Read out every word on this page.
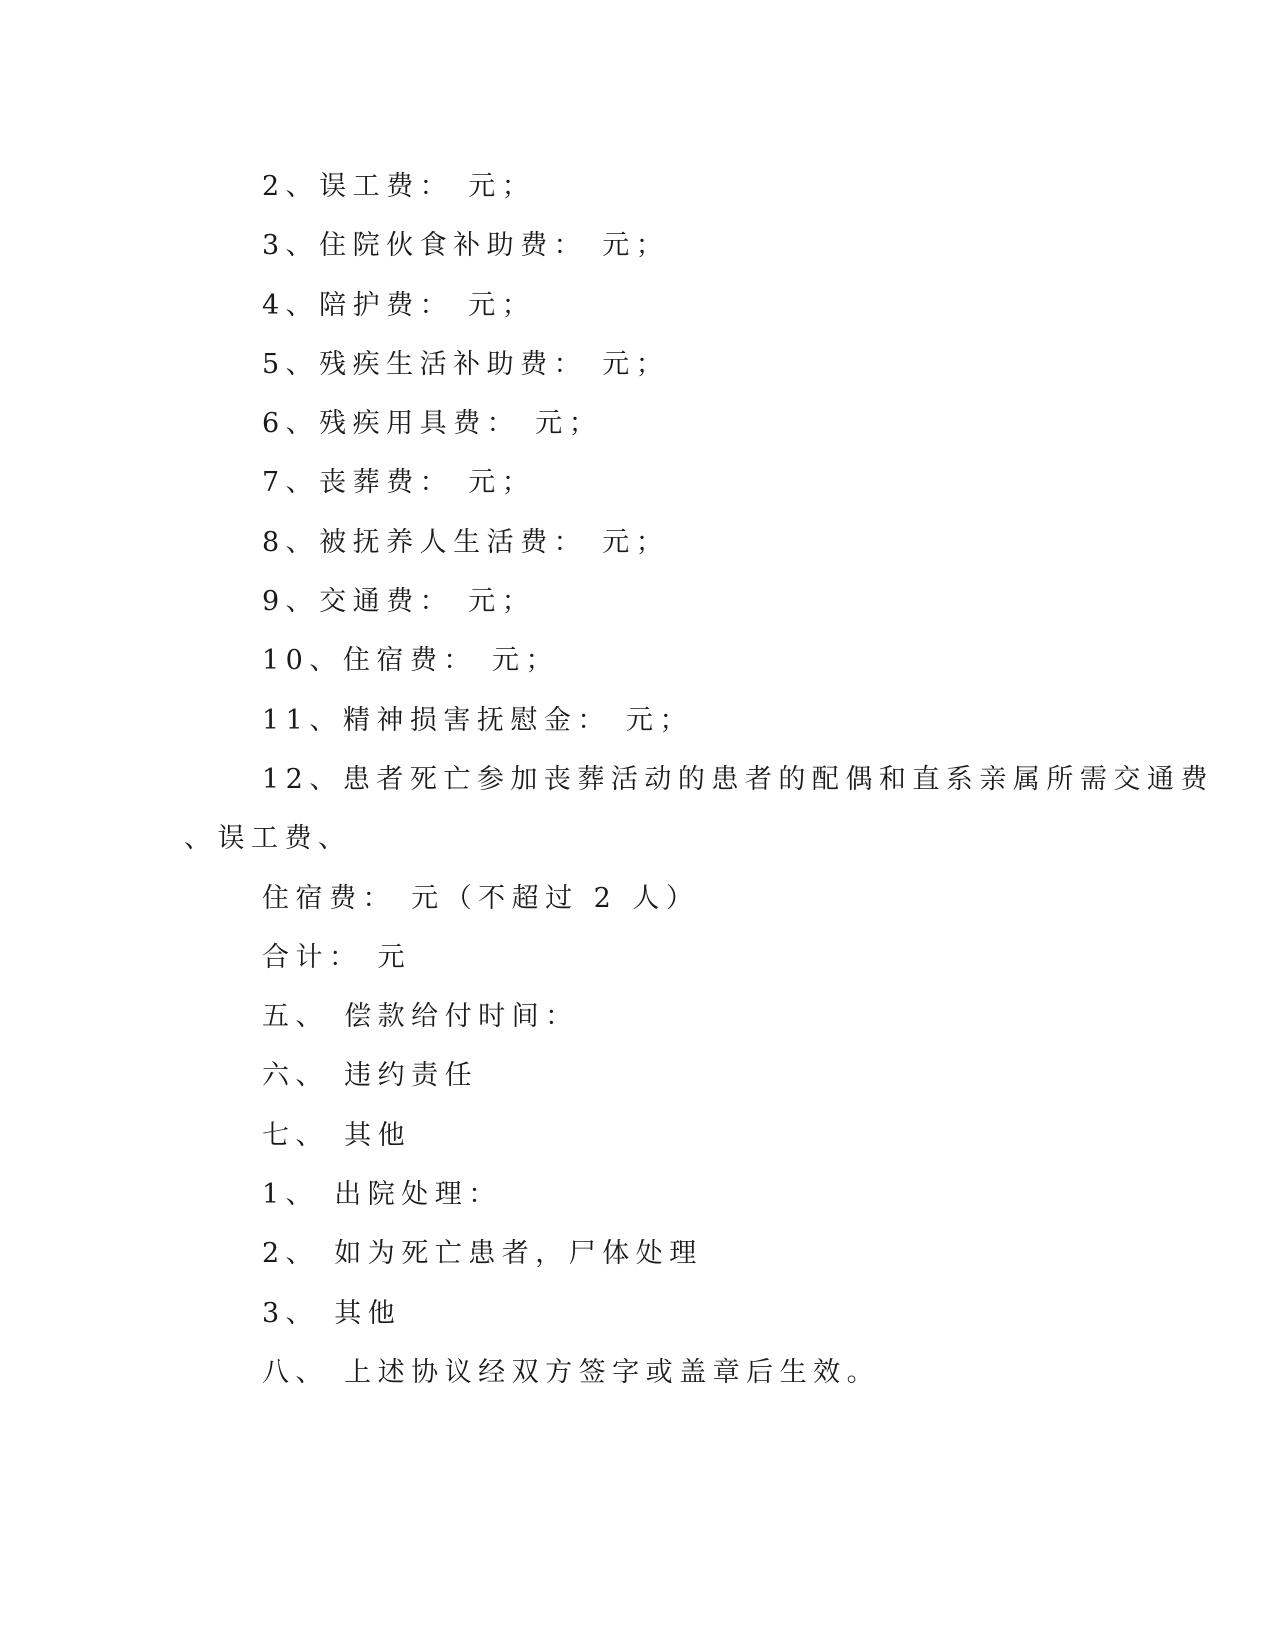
2、误工费： 元；
3、住院伙食补助费： 元；
4、陪护费： 元；
5、残疾生活补助费： 元；
6、残疾用具费： 元；
7、丧葬费： 元；
8、被抚养人生活费： 元；
9、交通费： 元；
10、住宿费： 元；
11、精神损害抚慰金： 元；
12、患者死亡参加丧葬活动的患者的配偶和直系亲属所需交通费
、误工费、
住宿费： 元（不超过 2 人）
合计： 元
五、 偿款给付时间：
六、 违约责任
七、 其他
1、 出院处理：
2、 如为死亡患者，尸体处理
3、 其他
八、 上述协议经双方签字或盖章后生效。
